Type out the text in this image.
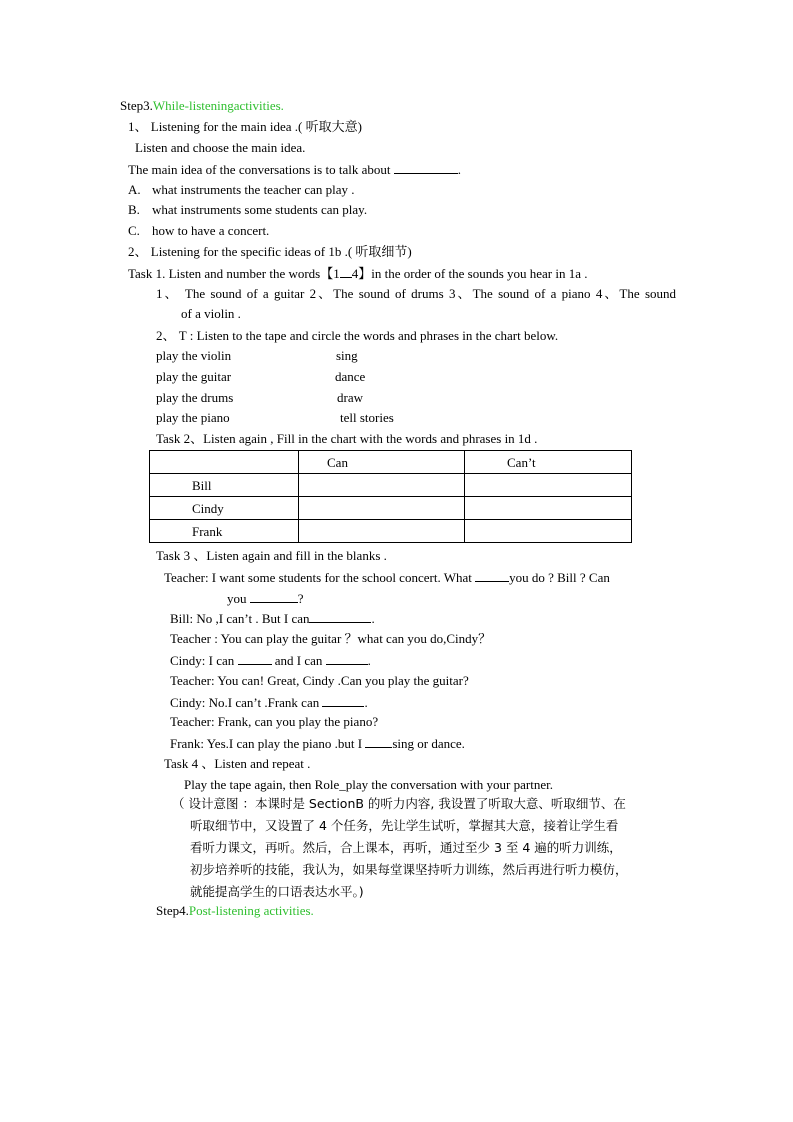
Step3.While-listeningactivities.
1、 Listening for the main idea .( 听取大意)
Listen and choose the main idea.
The main idea of the conversations is to talk about	.
A. what instruments the teacher can play .
B. what instruments some students can play.
C. how to have a concert.
2、 Listening for the specific ideas of 1b .( 听取细节)
Task 1. Listen and number the words【1 4】in the order of the sounds you hear in 1a .
1、 The sound of a guitar 2、The sound of drums 3、The sound of a piano 4、The sound
of a violin .
2、 T : Listen to the tape and circle the words and phrases in the chart below.
play the violin	sing
play the guitar	dance
play the drums	draw
play the piano	tell stories
Task 2、Listen again , Fill in the chart with the words and phrases in 1d .
	Can	Can’t
Bill		
Cindy		
Frank		
Task 3 、Listen again and fill in the blanks .
Teacher: I want some students for the school concert. What	you do ? Bill ? Can
you	?
Bill: No ,I can’t . But I can	.
Teacher : You can play the guitar ？what can you do,Cindy？
Cindy: I can	and I can	.
Teacher: You can! Great, Cindy .Can you play the guitar?
Cindy: No.I can’t .Frank can	.
Teacher: Frank, can you play the piano?
Frank: Yes.I can play the piano .but I sing or dance.
Task 4 、Listen and repeat .
Play the tape again, then Role_play the conversation with your partner.
（ 设计意图 ：本课时是 SectionB 的听力内容, 我设置了听取大意、听取细节、在
听取细节中，又设置了 4 个任务，先让学生试听，掌握其大意，接着让学生看
看听力课文，再听。然后，合上课本，再听，通过至少 3 至 4 遍的听力训练，
初步培养听的技能，我认为，如果每堂课坚持听力训练，然后再进行听力模仿，
就能提高学生的口语表达水平。)
Step4.Post-listening activities.
